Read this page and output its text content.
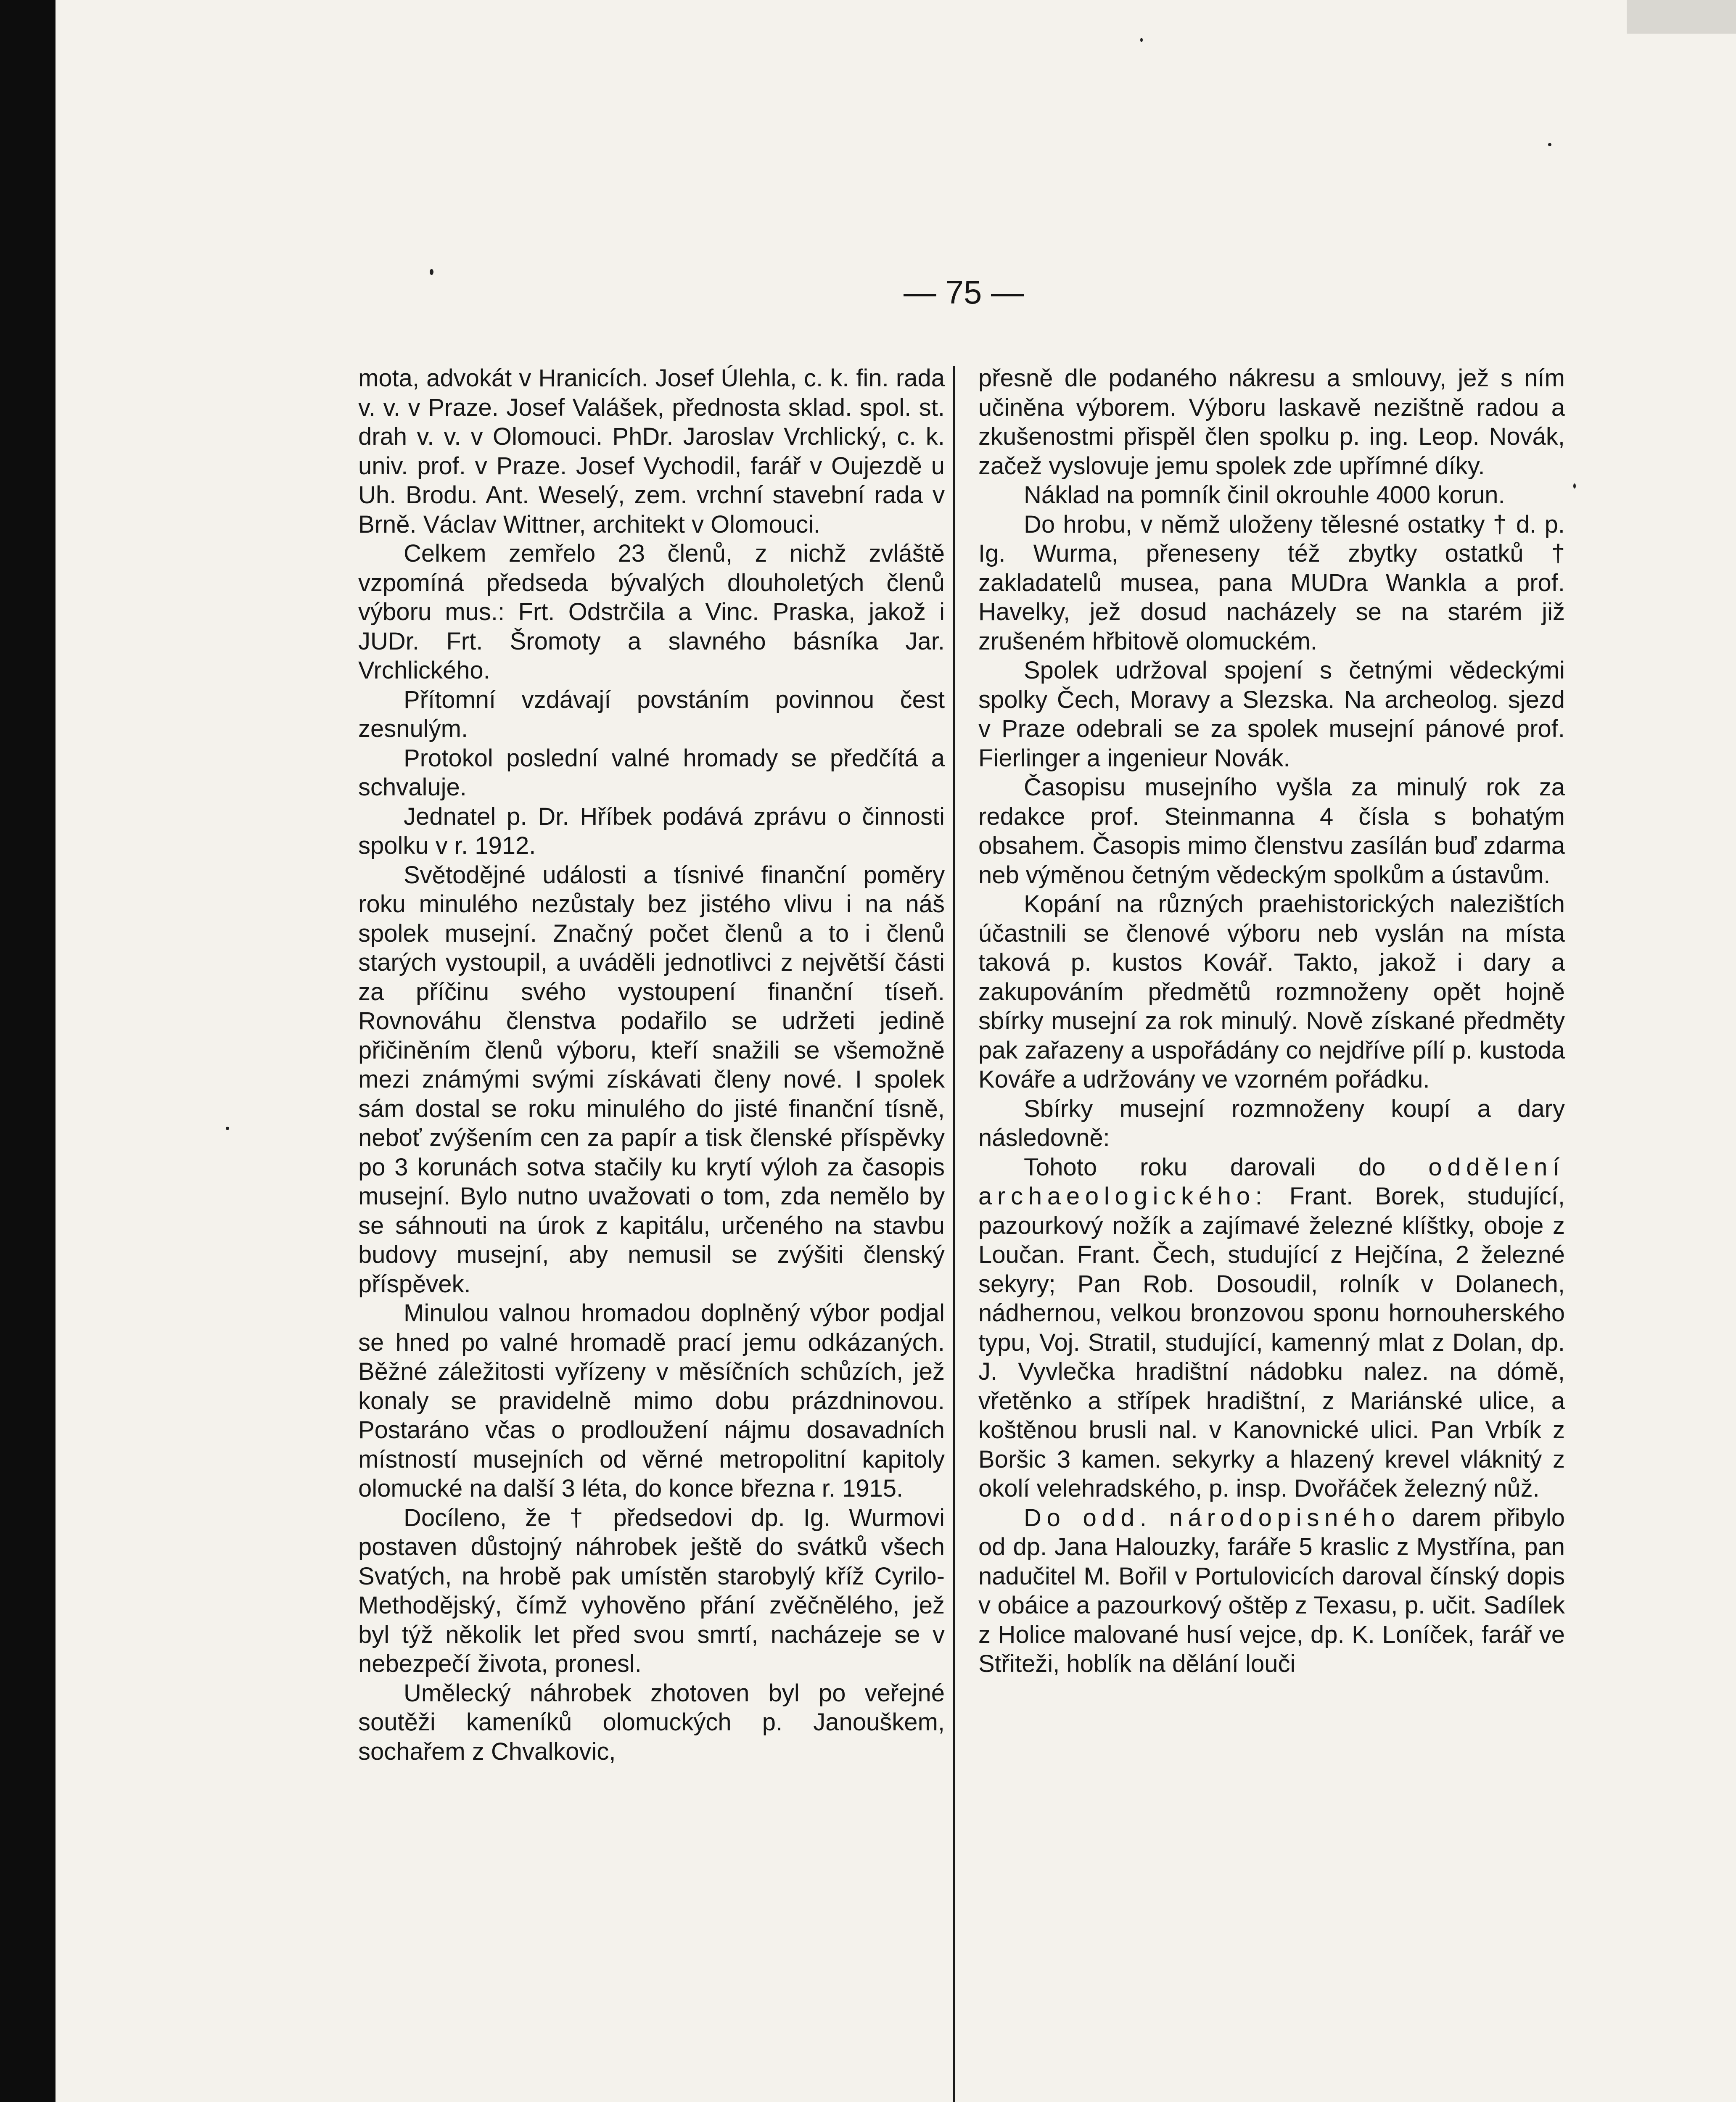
— 75 —

mota, advokát v Hranicích. Josef Úlehla, c. k. fin. rada v. v. v Praze. Josef Valášek, přednosta sklad. spol. st. drah v. v. v Olomouci. PhDr. Jaroslav Vrchlický, c. k. univ. prof. v Praze. Josef Vychodil, farář v Oujezdě u Uh. Brodu. Ant. Weselý, zem. vrchní stavební rada v Brně. Václav Wittner, architekt v Olomouci.

Celkem zemřelo 23 členů, z nichž zvláště vzpomíná předseda bývalých dlouholetých členů výboru mus.: Frt. Odstrčila a Vinc. Praska, jakož i JUDr. Frt. Šromoty a slavného básníka Jar. Vrchlického.

Přítomní vzdávají povstáním povinnou čest zesnulým.

Protokol poslední valné hromady se předčítá a schvaluje.

Jednatel p. Dr. Hříbek podává zprávu o činnosti spolku v r. 1912.

Světodějné události a tísnivé finanční poměry roku minulého nezůstaly bez jistého vlivu i na náš spolek musejní. Značný počet členů a to i členů starých vystoupil, a uváděli jednotlivci z největší části za příčinu svého vystoupení finanční tíseň. Rovnováhu členstva podařilo se udržeti jedině přičiněním členů výboru, kteří snažili se všemožně mezi známými svými získávati členy nové. I spolek sám dostal se roku minulého do jisté finanční tísně, neboť zvýšením cen za papír a tisk členské příspěvky po 3 korunách sotva stačily ku krytí výloh za časopis musejní. Bylo nutno uvažovati o tom, zda nemělo by se sáhnouti na úrok z kapitálu, určeného na stavbu budovy musejní, aby nemusil se zvýšiti členský příspěvek.

Minulou valnou hromadou doplněný výbor podjal se hned po valné hromadě prací jemu odkázaných. Běžné záležitosti vyřízeny v měsíčních schůzích, jež konaly se pravidelně mimo dobu prázdninovou. Postaráno včas o prodloužení nájmu dosavadních místností musejních od věrné metropolitní kapitoly olomucké na další 3 léta, do konce března r. 1915.

Docíleno, že † předsedovi dp. Ig. Wurmovi postaven důstojný náhrobek ještě do svátků všech Svatých, na hrobě pak umístěn starobylý kříž Cyrilo-Methodějský, čímž vyhověno přání zvěčnělého, jež byl týž několik let před svou smrtí, nacházeje se v nebezpečí života, pronesl.

Umělecký náhrobek zhotoven byl po veřejné soutěži kameníků olomuckých p. Janouškem, sochařem z Chvalkovic,

přesně dle podaného nákresu a smlouvy, jež s ním učiněna výborem. Výboru laskavě nezištně radou a zkušenostmi přispěl člen spolku p. ing. Leop. Novák, začež vyslovuje jemu spolek zde upřímné díky.

Náklad na pomník činil okrouhle 4000 korun.

Do hrobu, v němž uloženy tělesné ostatky † d. p. Ig. Wurma, přeneseny též zbytky ostatků † zakladatelů musea, pana MUDra Wankla a prof. Havelky, jež dosud nacházely se na starém již zrušeném hřbitově olomuckém.

Spolek udržoval spojení s četnými vědeckými spolky Čech, Moravy a Slezska. Na archeolog. sjezd v Praze odebrali se za spolek musejní pánové prof. Fierlinger a ingenieur Novák.

Časopisu musejního vyšla za minulý rok za redakce prof. Steinmanna 4 čísla s bohatým obsahem. Časopis mimo členstvu zasílán buď zdarma neb výměnou četným vědeckým spolkům a ústavům.

Kopání na různých praehistorických nalezištích účastnili se členové výboru neb vyslán na místa taková p. kustos Kovář. Takto, jakož i dary a zakupováním předmětů rozmnoženy opět hojně sbírky musejní za rok minulý. Nově získané předměty pak zařazeny a uspořádány co nejdříve pílí p. kustoda Kováře a udržovány ve vzorném pořádku.

Sbírky musejní rozmnoženy koupí a dary následovně:

Tohoto roku darovali do oddělení archaeologického: Frant. Borek, studující, pazourkový nožík a zajímavé železné klíštky, oboje z Loučan. Frant. Čech, studující z Hejčína, 2 železné sekyry; Pan Rob. Dosoudil, rolník v Dolanech, nádhernou, velkou bronzovou sponu hornouherského typu, Voj. Stratil, studující, kamenný mlat z Dolan, dp. J. Vyvlečka hradištní nádobku nalez. na dómě, vřetěnko a střípek hradištní, z Mariánské ulice, a koštěnou brusli nal. v Kanovnické ulici. Pan Vrbík z Boršic 3 kamen. sekyrky a hlazený krevel vláknitý z okolí velehradského, p. insp. Dvořáček železný nůž.

Do odd. národopisného darem přibylo od dp. Jana Halouzky, faráře 5 kraslic z Mystřína, pan nadučitel M. Bořil v Portulovicích daroval čínský dopis v obáice a pazourkový oštěp z Texasu, p. učit. Sadílek z Holice malované husí vejce, dp. K. Loníček, farář ve Střiteži, hoblík na dělání louči
